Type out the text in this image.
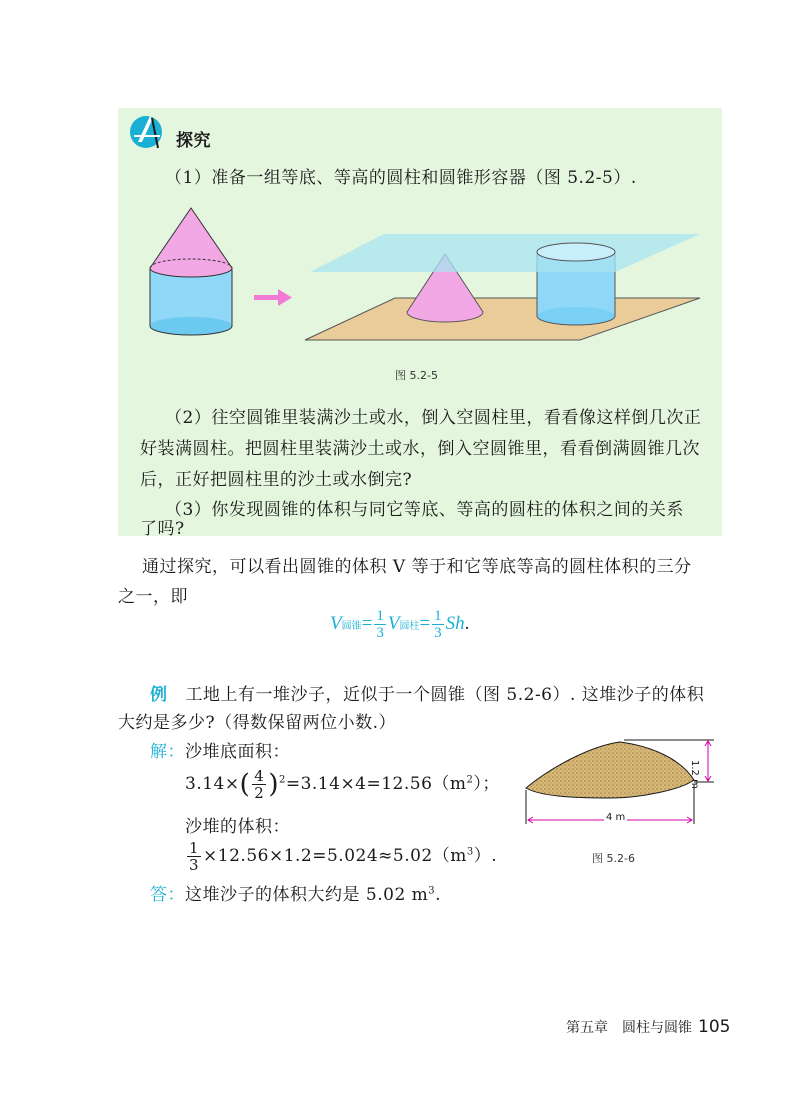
探究
（1）准备一组等底、等高的圆柱和圆锥形容器（图 5.2-5）.
图 5.2-5
（2）往空圆锥里装满沙土或水，倒入空圆柱里，看看像这样倒几次正
好装满圆柱。把圆柱里装满沙土或水，倒入空圆锥里，看看倒满圆锥几次
后，正好把圆柱里的沙土或水倒完?
（3）你发现圆锥的体积与同它等底、等高的圆柱的体积之间的关系
了吗?
通过探究，可以看出圆锥的体积 V 等于和它等底等高的圆柱体积的三分
之一，即
V圆锥= $\frac{1}{3}$ V圆柱= $\frac{1}{3} Sh$.
例 工地上有一堆沙子，近似于一个圆锥（图 5.2-6）. 这堆沙子的体积
大约是多少?（得数保留两位小数.）
解：沙堆底面积：
$3.14\times( \frac{4}{2} )^2=3.14\times 4=12.56(m^2)$；
沙堆的体积：
$\frac{1}{3} \times 12.56\times 1.2=5.024\approx 5.02(m^3)$.
答：这堆沙子的体积大约是 5.02 $m^3$.
4 m
1.2 m
图 5.2-6
第五章　圆柱与圆锥 105
